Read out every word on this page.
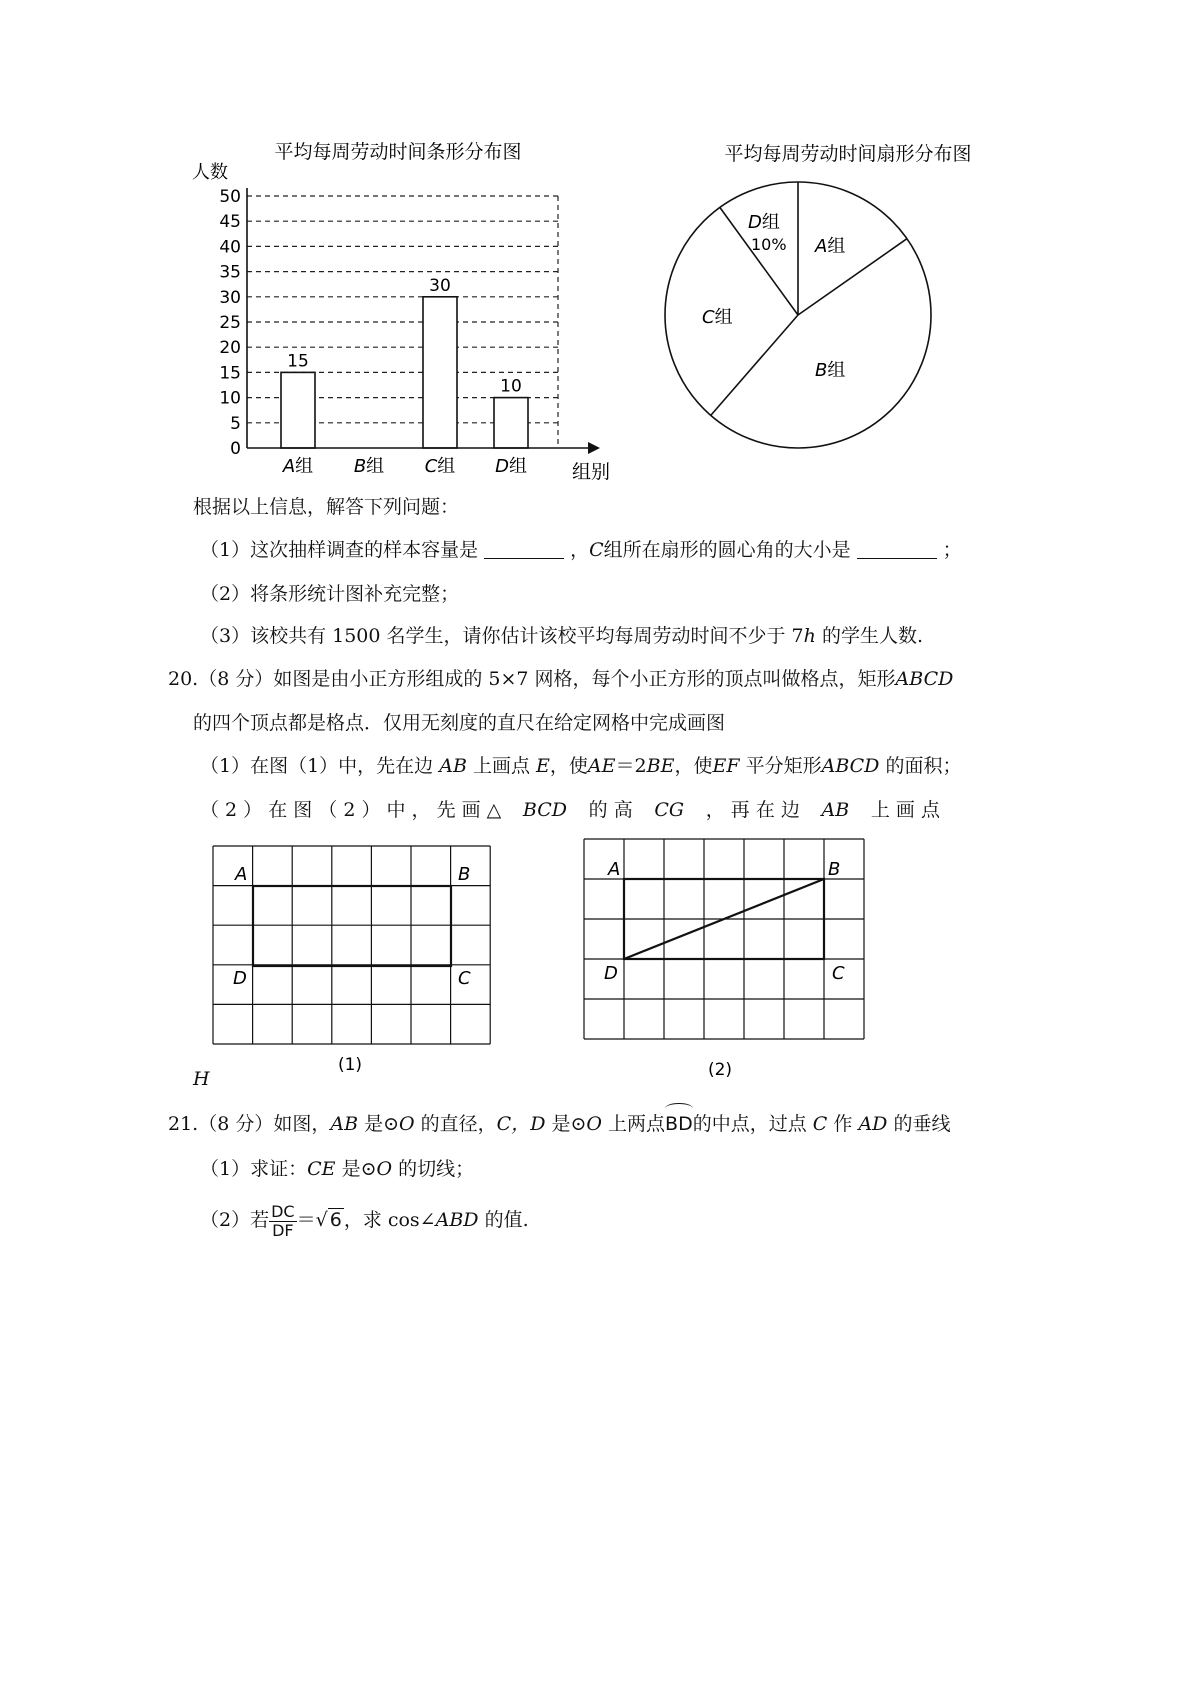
平均每周劳动时间条形分布图
人数
0
5
10
15
20
25
30
35
40
45
50
15
30
10
A组 B组 C组 D组 组别
平均每周劳动时间扇形分布图
D组
10% A组
C组
B组
根据以上信息，解答下列问题：
（1）这次抽样调查的样本容量是	，C组所在扇形的圆心角的大小是	；
（2）将条形统计图补充完整；
（3）该校共有 1500 名学生，请你估计该校平均每周劳动时间不少于 7h 的学生人数.
20.（8 分）如图是由小正方形组成的 5×7 网格，每个小正方形的顶点叫做格点，矩形ABCD
的四个顶点都是格点．仅用无刻度的直尺在给定网格中完成画图
（1）在图（1）中，先在边 AB 上画点 E，使AE＝2BE，使EF 平分矩形ABCD 的面积；
（ 2 ） 在 图 （ 2 ） 中 ， 先 画 △ BCD 的 高 CG ， 再 在 边 AB 上 画 点
A	B
D	C
(1)
A	B
D	C
(2)
H
21.（8 分）如图，AB 是⊙O 的直径，C，D 是⊙O 上两点BD的中点，过点 C 作 AD 的垂线
（1）求证：CE 是⊙O 的切线；
（2）若 $\frac{DC}{DF}$ ＝√ 6 ，求 cos∠ABD 的值.
